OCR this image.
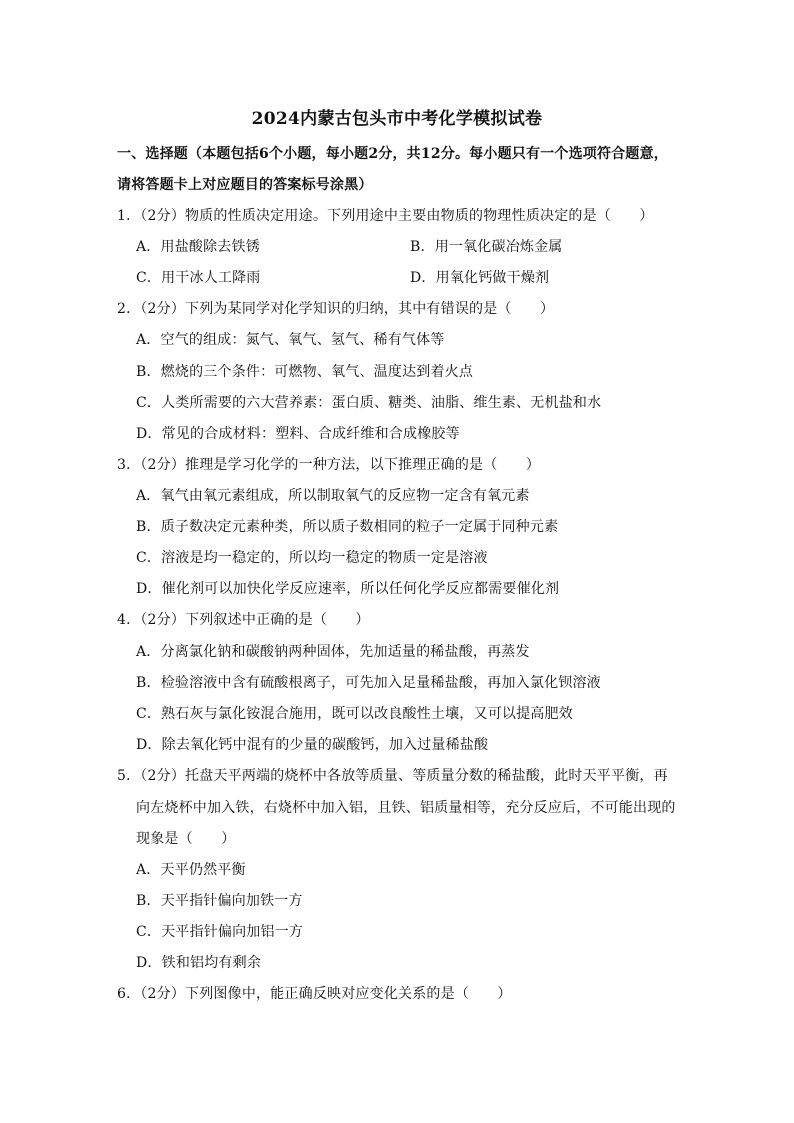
2024内蒙古包头市中考化学模拟试卷
一、选择题（本题包括6个小题，每小题2分，共12分。每小题只有一个选项符合题意，
请将答题卡上对应题目的答案标号涂黑）
1．（2分）物质的性质决定用途。下列用途中主要由物质的物理性质决定的是（　　）
A．用盐酸除去铁锈	B．用一氧化碳冶炼金属
C．用干冰人工降雨	D．用氧化钙做干燥剂
2．（2分）下列为某同学对化学知识的归纳，其中有错误的是（　　）
A．空气的组成：氮气、氧气、氢气、稀有气体等
B．燃烧的三个条件：可燃物、氧气、温度达到着火点
C．人类所需要的六大营养素：蛋白质、糖类、油脂、维生素、无机盐和水
D．常见的合成材料：塑料、合成纤维和合成橡胶等
3．（2分）推理是学习化学的一种方法，以下推理正确的是（　　）
A．氧气由氧元素组成，所以制取氧气的反应物一定含有氧元素
B．质子数决定元素种类，所以质子数相同的粒子一定属于同种元素
C．溶液是均一稳定的，所以均一稳定的物质一定是溶液
D．催化剂可以加快化学反应速率，所以任何化学反应都需要催化剂
4．（2分）下列叙述中正确的是（　　）
A．分离氯化钠和碳酸钠两种固体，先加适量的稀盐酸，再蒸发
B．检验溶液中含有硫酸根离子，可先加入足量稀盐酸，再加入氯化钡溶液
C．熟石灰与氯化铵混合施用，既可以改良酸性土壤，又可以提高肥效
D．除去氧化钙中混有的少量的碳酸钙，加入过量稀盐酸
5．（2分）托盘天平两端的烧杯中各放等质量、等质量分数的稀盐酸，此时天平平衡，再
向左烧杯中加入铁，右烧杯中加入铝，且铁、铝质量相等，充分反应后，不可能出现的
现象是（　　）
A．天平仍然平衡
B．天平指针偏向加铁一方
C．天平指针偏向加铝一方
D．铁和铝均有剩余
6．（2分）下列图像中，能正确反映对应变化关系的是（　　）
